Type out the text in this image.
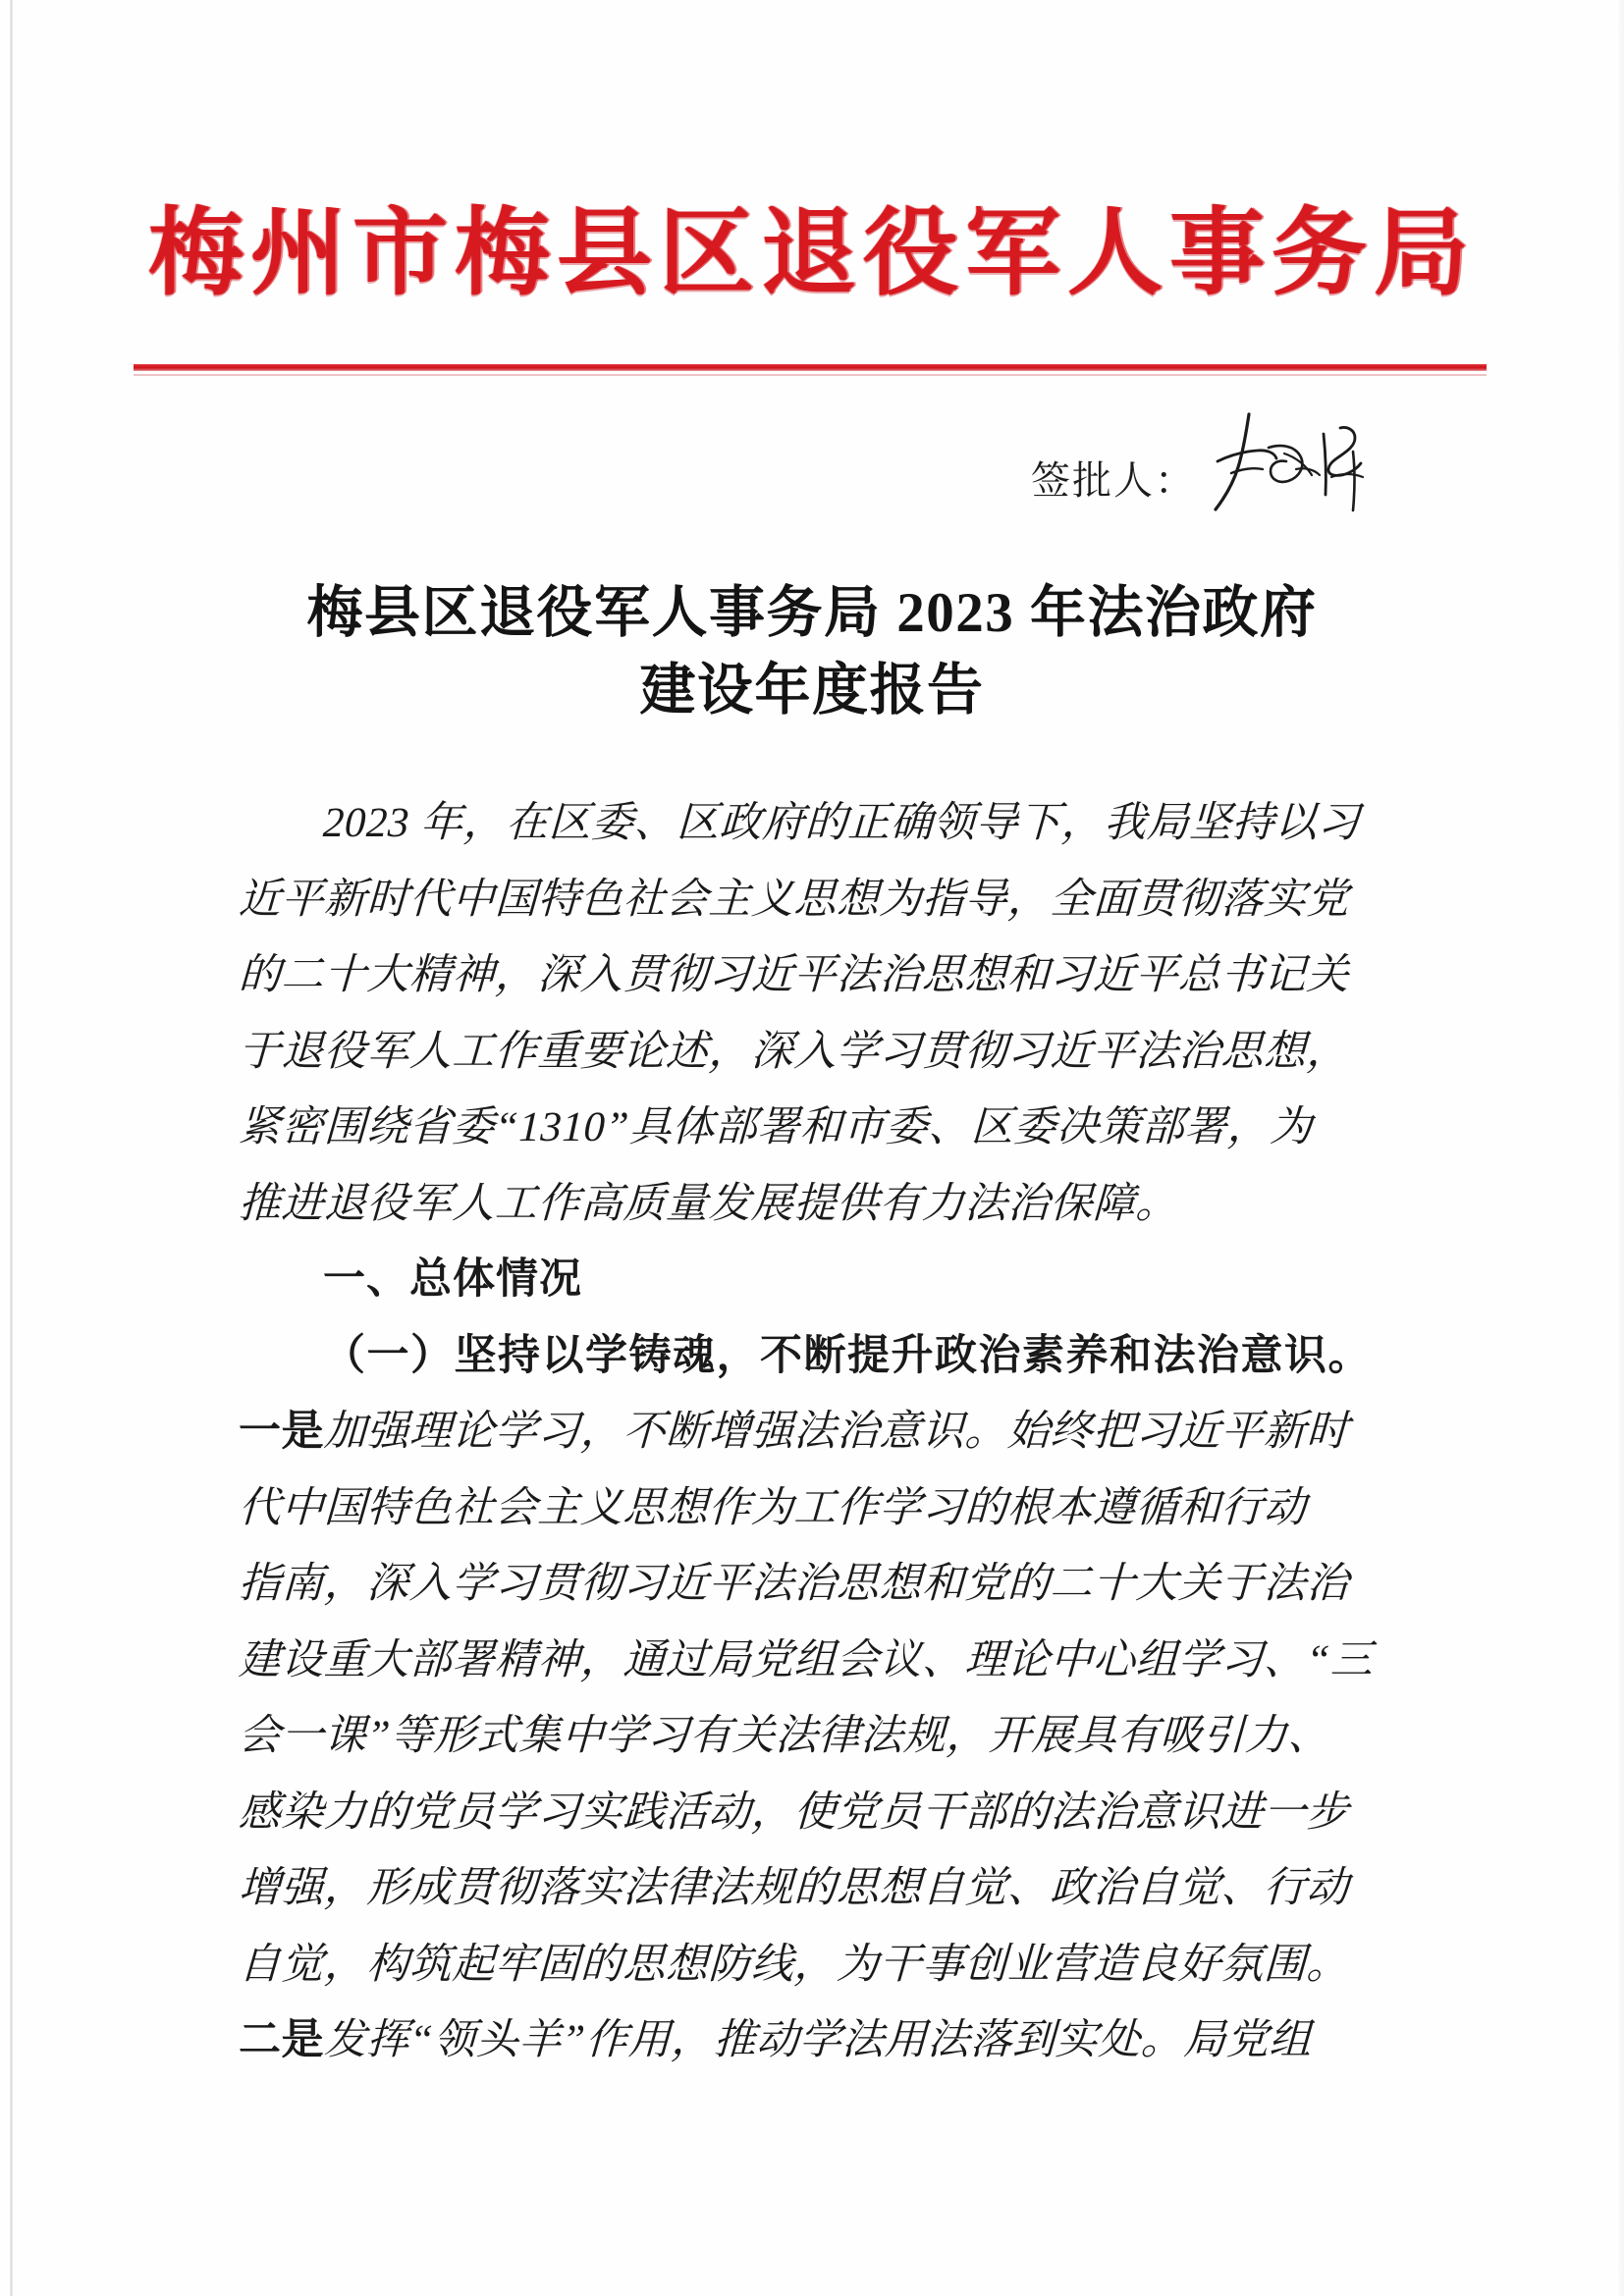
梅州市梅县区退役军人事务局
签批人：
梅县区退役军人事务局 2023 年法治政府
建设年度报告
2023 年，在区委、区政府的正确领导下，我局坚持以习
近平新时代中国特色社会主义思想为指导，全面贯彻落实党
的二十大精神，深入贯彻习近平法治思想和习近平总书记关
于退役军人工作重要论述，深入学习贯彻习近平法治思想，
紧密围绕省委“1310”具体部署和市委、区委决策部署，为
推进退役军人工作高质量发展提供有力法治保障。
一、总体情况
（一）坚持以学铸魂，不断提升政治素养和法治意识。
一是加强理论学习，不断增强法治意识。始终把习近平新时
代中国特色社会主义思想作为工作学习的根本遵循和行动
指南，深入学习贯彻习近平法治思想和党的二十大关于法治
建设重大部署精神，通过局党组会议、理论中心组学习、“三
会一课”等形式集中学习有关法律法规，开展具有吸引力、
感染力的党员学习实践活动，使党员干部的法治意识进一步
增强，形成贯彻落实法律法规的思想自觉、政治自觉、行动
自觉，构筑起牢固的思想防线，为干事创业营造良好氛围。
二是发挥“领头羊”作用，推动学法用法落到实处。局党组
